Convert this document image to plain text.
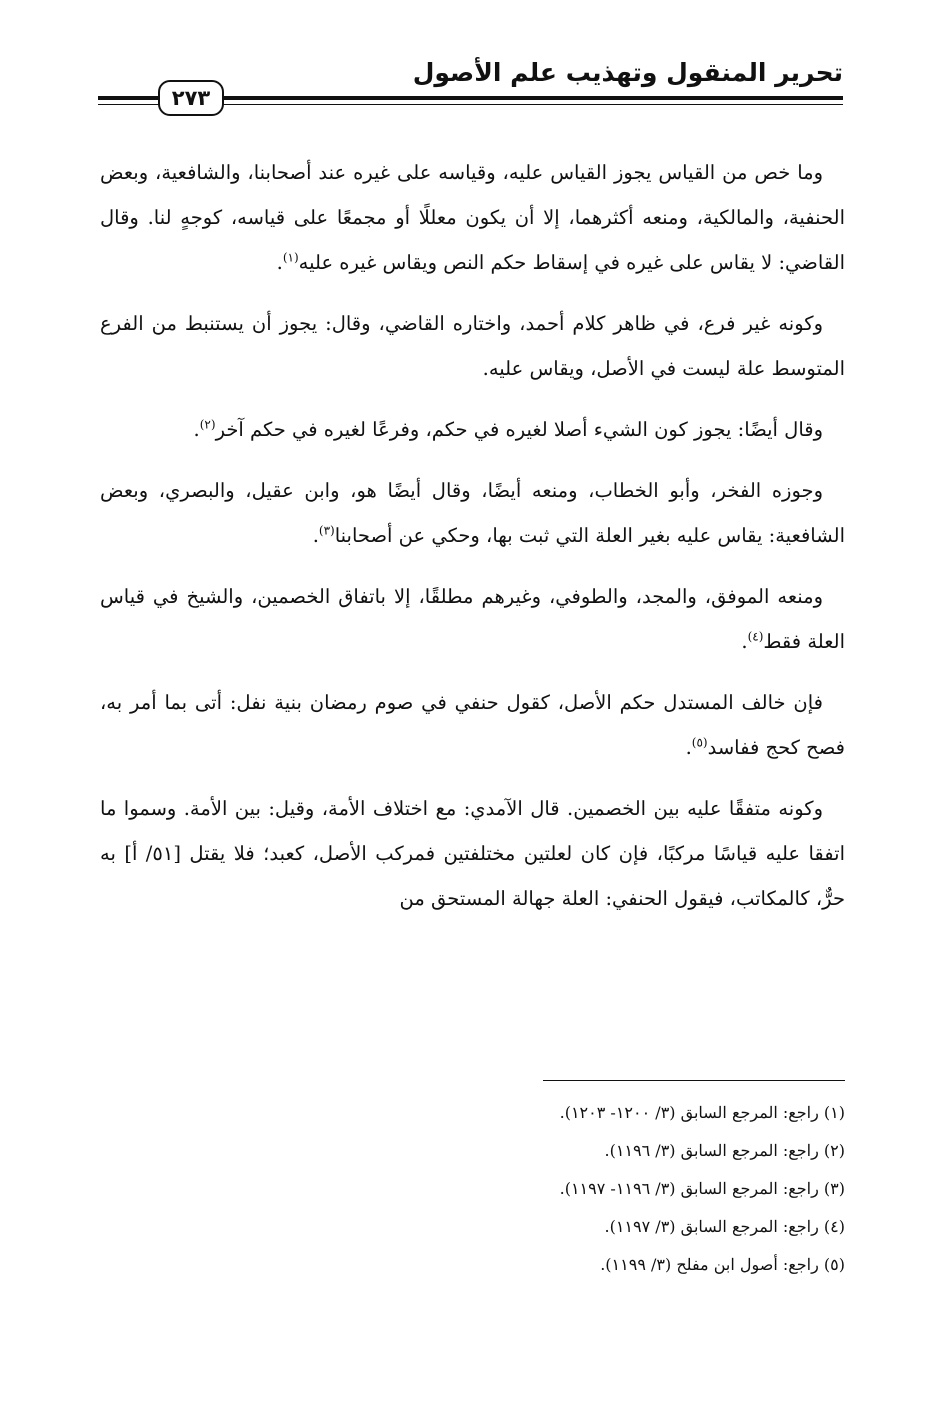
تحرير المنقول وتهذيب علم الأصول
٢٧٣

وما خص من القياس يجوز القياس عليه، وقياسه على غيره عند أصحابنا، والشافعية، وبعض الحنفية، والمالكية، ومنعه أكثرهما، إلا أن يكون معللًا أو مجمعًا على قياسه، كوجهٍ لنا. وقال القاضي: لا يقاس على غيره في إسقاط حكم النص ويقاس غيره عليه$^{(١)}$.

وكونه غير فرع، في ظاهر كلام أحمد، واختاره القاضي، وقال: يجوز أن يستنبط من الفرع المتوسط علة ليست في الأصل، ويقاس عليه.

وقال أيضًا: يجوز كون الشيء أصلا لغيره في حكم، وفرعًا لغيره في حكم آخر$^{(٢)}$.

وجوزه الفخر، وأبو الخطاب، ومنعه أيضًا، وقال أيضًا هو، وابن عقيل، والبصري، وبعض الشافعية: يقاس عليه بغير العلة التي ثبت بها، وحكي عن أصحابنا$^{(٣)}$.

ومنعه الموفق، والمجد، والطوفي، وغيرهم مطلقًا، إلا باتفاق الخصمين، والشيخ في قياس العلة فقط$^{(٤)}$.

فإن خالف المستدل حكم الأصل، كقول حنفي في صوم رمضان بنية نفل: أتى بما أمر به، فصح كحج ففاسد$^{(٥)}$.

وكونه متفقًا عليه بين الخصمين. قال الآمدي: مع اختلاف الأمة، وقيل: بين الأمة. وسموا ما اتفقا عليه قياسًا مركبًا، فإن كان لعلتين مختلفتين فمركب الأصل، كعبد؛ فلا يقتل [٥١/ أ] به حرٌّ، كالمكاتب، فيقول الحنفي: العلة جهالة المستحق من

(١) راجع: المرجع السابق (٣/ ١٢٠٠- ١٢٠٣).
(٢) راجع: المرجع السابق (٣/ ١١٩٦).
(٣) راجع: المرجع السابق (٣/ ١١٩٦- ١١٩٧).
(٤) راجع: المرجع السابق (٣/ ١١٩٧).
(٥) راجع: أصول ابن مفلح (٣/ ١١٩٩).
